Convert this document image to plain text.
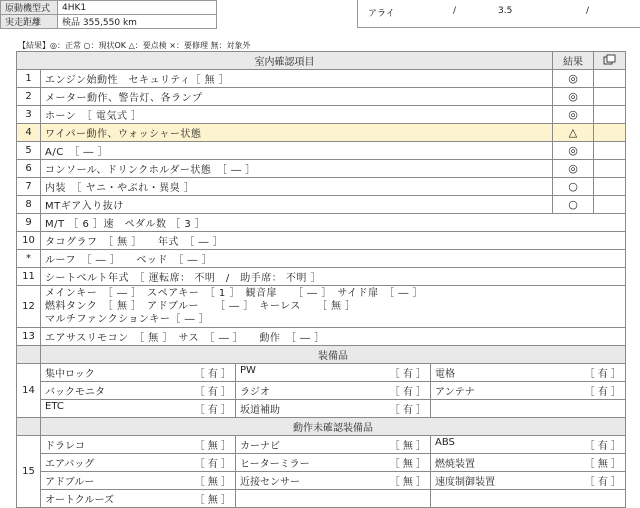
原動機型式	4HK1
実走距離	検品 355,550 km
アライ	/	3.5	/
【結果】◎：正常 ○：現状OK △：要点検 ×：要修理 無：対象外
室内確認項目				結果	
1	エンジン始動性　セキュリティ［ 無 ］			◎	
2	メーター動作、警告灯、各ランプ			◎	
3	ホーン　［ 電気式 ］			◎	
4	ワイパー動作、ウォッシャー状態			△	
5	A/C　［ ― ］			◎	
6	コンソール、ドリンクホルダー状態　［ ― ］			◎	
7	内装　［ ヤニ・やぶれ・異臭 ］			○	
8	MTギア入り抜け			○	
9	M/T ［ 6 ］速　ペダル数 ［ 3 ］				
10	タコグラフ　［ 無 ］　　年式　［ ― ］				
*	ルーフ　［ ― ］　　ベッド　［ ― ］				
11	シートベルト年式　［ 運転席： 不明　/　助手席： 不明 ］				
12	メインキー　［ ― ］　スペアキー　［ 1 ］　観音扉　　［ ― ］　サイド扉　［ ― ］
燃料タンク　［ 無 ］　アドブルー　　［ ― ］　キーレス　　［ 無 ］
マルチファンクションキー［ ― ］				

13	エアサスリモコン　［ 無 ］　サス　［ ― ］　　動作　［ ― ］				
	装備品				
14	集中ロック ［ 有 ］	PW ［ 有 ］	電格 ［ 有 ］		

	バックモニタ ［ 有 ］	ラジオ ［ 有 ］	アンテナ ［ 有 ］		

	ETC ［ 有 ］	坂道補助 ［ 有 ］			

	動作未確認装備品				
15	ドラレコ ［ 無 ］	カーナビ ［ 無 ］	ABS ［ 有 ］		

	エアバッグ ［ 有 ］	ヒーターミラー ［ 無 ］	燃焼装置 ［ 無 ］		

	アドブルー ［ 無 ］	近接センサー ［ 無 ］	速度制御装置 ［ 有 ］		

	オートクルーズ ［ 無 ］				
